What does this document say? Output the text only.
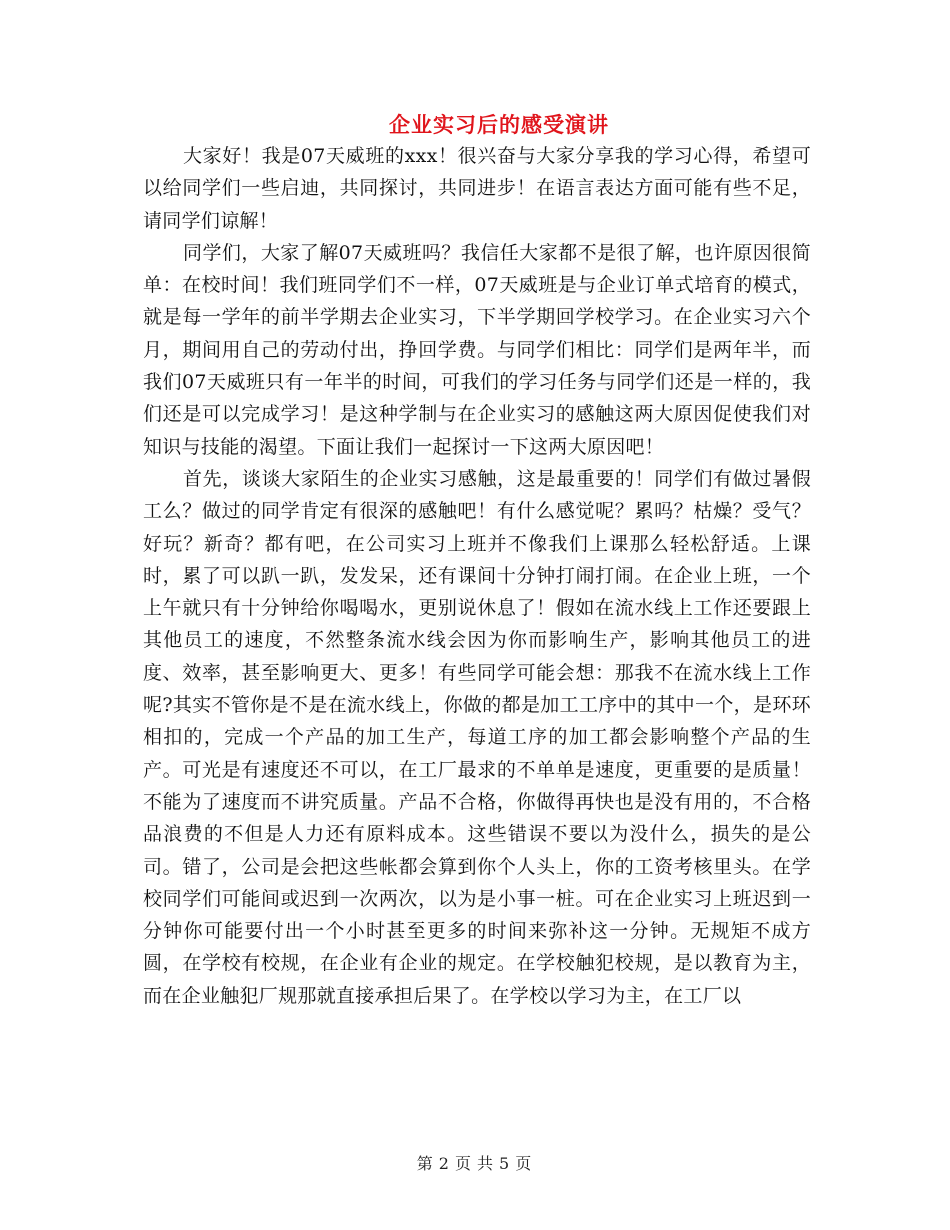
企业实习后的感受演讲

大家好！我是07天威班的xxx！很兴奋与大家分享我的学习心得，希望可以给同学们一些启迪，共同探讨，共同进步！在语言表达方面可能有些不足，请同学们谅解！

同学们，大家了解07天威班吗？我信任大家都不是很了解，也许原因很简单：在校时间！我们班同学们不一样，07天威班是与企业订单式培育的模式，就是每一学年的前半学期去企业实习，下半学期回学校学习。在企业实习六个月，期间用自己的劳动付出，挣回学费。与同学们相比：同学们是两年半，而我们07天威班只有一年半的时间，可我们的学习任务与同学们还是一样的，我们还是可以完成学习！是这种学制与在企业实习的感触这两大原因促使我们对知识与技能的渴望。下面让我们一起探讨一下这两大原因吧！

首先，谈谈大家陌生的企业实习感触，这是最重要的！同学们有做过暑假工么？做过的同学肯定有很深的感触吧！有什么感觉呢？累吗？枯燥？受气？好玩？新奇？都有吧，在公司实习上班并不像我们上课那么轻松舒适。上课时，累了可以趴一趴，发发呆，还有课间十分钟打闹打闹。在企业上班，一个上午就只有十分钟给你喝喝水，更别说休息了！假如在流水线上工作还要跟上其他员工的速度，不然整条流水线会因为你而影响生产，影响其他员工的进度、效率，甚至影响更大、更多！有些同学可能会想：那我不在流水线上工作呢?其实不管你是不是在流水线上，你做的都是加工工序中的其中一个，是环环相扣的，完成一个产品的加工生产，每道工序的加工都会影响整个产品的生产。可光是有速度还不可以，在工厂最求的不单单是速度，更重要的是质量！不能为了速度而不讲究质量。产品不合格，你做得再快也是没有用的，不合格品浪费的不但是人力还有原料成本。这些错误不要以为没什么，损失的是公司。错了，公司是会把这些帐都会算到你个人头上，你的工资考核里头。在学校同学们可能间或迟到一次两次，以为是小事一桩。可在企业实习上班迟到一分钟你可能要付出一个小时甚至更多的时间来弥补这一分钟。无规矩不成方圆，在学校有校规，在企业有企业的规定。在学校触犯校规，是以教育为主，而在企业触犯厂规那就直接承担后果了。在学校以学习为主，在工厂以

第 2 页 共 5 页
